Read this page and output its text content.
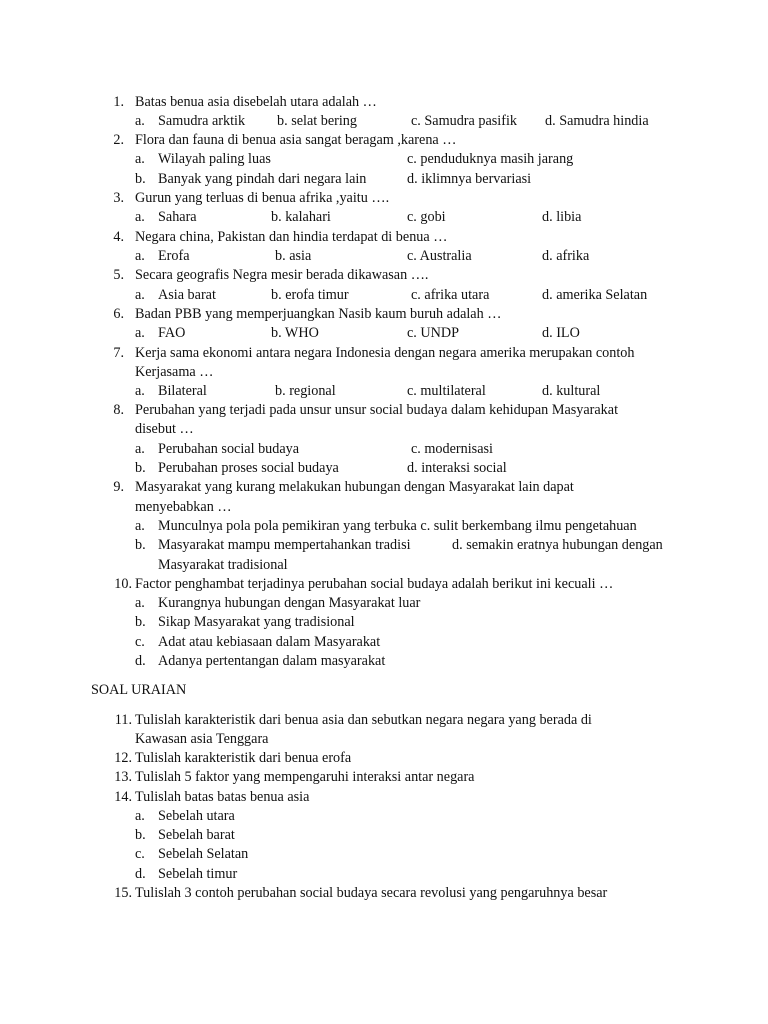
1. Batas benua asia disebelah utara adalah …
a. Samudra arktik b. selat bering	c. Samudra pasifik d. Samudra hindia
2. Flora dan fauna di benua asia sangat beragam ,karena …
a. Wilayah paling luas	c. penduduknya masih jarang
b. Banyak yang pindah dari negara lain	d. iklimnya bervariasi
3. Gurun yang terluas di benua afrika ,yaitu ….
a. Sahara	b. kalahari	c. gobi	d. libia
4. Negara china, Pakistan dan hindia terdapat di benua …
a. Erofa	b. asia	c. Australia	d. afrika
5. Secara geografis Negra mesir berada dikawasan ….
a. Asia barat	b. erofa timur	c. afrika utara	d. amerika Selatan
6. Badan PBB yang memperjuangkan Nasib kaum buruh adalah …
a. FAO	b. WHO	c. UNDP	d. ILO
7. Kerja sama ekonomi antara negara Indonesia dengan negara amerika merupakan contoh
Kerjasama …
a. Bilateral	b. regional	c. multilateral	d. kultural
8. Perubahan yang terjadi pada unsur unsur social budaya dalam kehidupan Masyarakat
disebut …
a. Perubahan social budaya	c. modernisasi
b. Perubahan proses social budaya	d. interaksi social
9. Masyarakat yang kurang melakukan hubungan dengan Masyarakat lain dapat
menyebabkan …
a. Munculnya pola pola pemikiran yang terbuka c. sulit berkembang ilmu pengetahuan
b. Masyarakat mampu mempertahankan tradisi	d. semakin eratnya hubungan dengan
Masyarakat tradisional
10. Factor penghambat terjadinya perubahan social budaya adalah berikut ini kecuali …
a. Kurangnya hubungan dengan Masyarakat luar
b. Sikap Masyarakat yang tradisional
c. Adat atau kebiasaan dalam Masyarakat
d. Adanya pertentangan dalam masyarakat
SOAL URAIAN
11. Tulislah karakteristik dari benua asia dan sebutkan negara negara yang berada di
Kawasan asia Tenggara
12. Tulislah karakteristik dari benua erofa
13. Tulislah 5 faktor yang mempengaruhi interaksi antar negara
14. Tulislah batas batas benua asia
a. Sebelah utara
b. Sebelah barat
c. Sebelah Selatan
d. Sebelah timur
15. Tulislah 3 contoh perubahan social budaya secara revolusi yang pengaruhnya besar
